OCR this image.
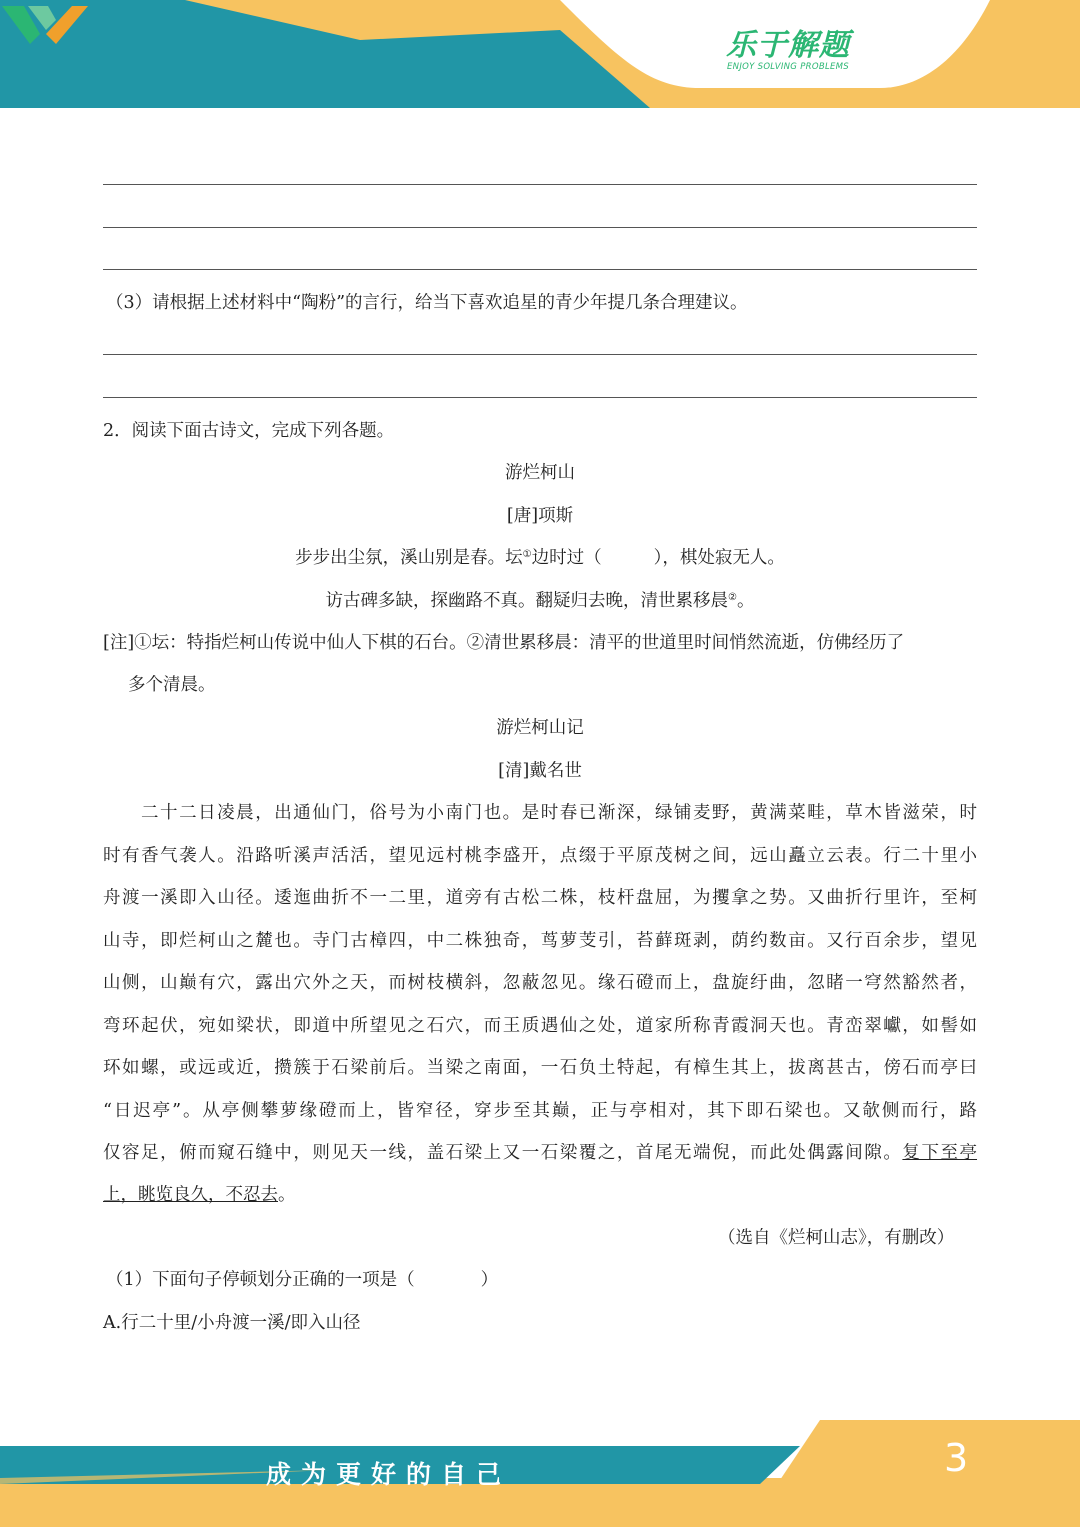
乐于解题
ENJOY SOLVING PROBLEMS
（3）请根据上述材料中“陶粉”的言行，给当下喜欢追星的青少年提几条合理建议。
2．阅读下面古诗文，完成下列各题。
游烂柯山
[唐]项斯
步步出尘氛，溪山别是春。坛①边时过（	），棋处寂无人。
访古碑多缺，探幽路不真。翻疑归去晚，清世累移晨②。
[注]①坛：特指烂柯山传说中仙人下棋的石台。②清世累移晨：清平的世道里时间悄然流逝，仿佛经历了
多个清晨。
游烂柯山记
[清]戴名世
二十二日凌晨，出通仙门，俗号为小南门也。是时春已渐深，绿铺麦野，黄满菜畦，草木皆滋荣，时
时有香气袭人。沿路听溪声活活，望见远村桃李盛开，点缀于平原茂树之间，远山矗立云表。行二十里小
舟渡一溪即入山径。逶迤曲折不一二里，道旁有古松二株，枝杆盘屈，为攫拿之势。又曲折行里许，至柯
山寺，即烂柯山之麓也。寺门古樟四，中二株独奇，茑萝芰引，苔藓斑剥，荫约数亩。又行百余步，望见
山侧，山巅有穴，露出穴外之天，而树枝横斜，忽蔽忽见。缘石磴而上，盘旋纡曲，忽睹一穹然豁然者，
弯环起伏，宛如梁状，即道中所望见之石穴，而王质遇仙之处，道家所称青霞洞天也。青峦翠巘，如髻如
环如螺，或远或近，攒簇于石梁前后。当梁之南面，一石负土特起，有樟生其上，拔离甚古，傍石而亭曰
“日迟亭”。从亭侧攀萝缘磴而上，皆窄径，穿步至其巅，正与亭相对，其下即石梁也。又欹侧而行，路
仅容足，俯而窥石缝中，则见天一线，盖石梁上又一石梁覆之，首尾无端倪，而此处偶露间隙。复下至亭
上，眺览良久，不忍去。
（选自《烂柯山志》，有删改）
（1）下面句子停顿划分正确的一项是（	）
A.行二十里/小舟渡一溪/即入山径
成为更好的自己	3
